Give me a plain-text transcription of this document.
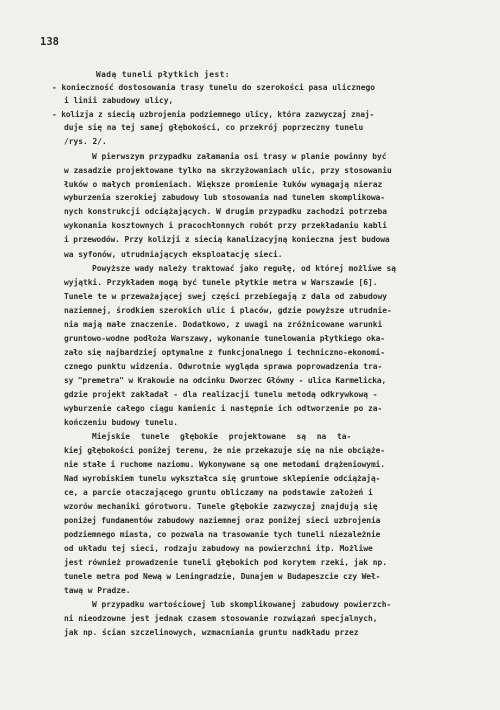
138
Wadą tuneli płytkich jest:
- konieczność dostosowania trasy tunelu do szerokości pasa ulicznego
i linii zabudowy ulicy,
- kolizja z siecią uzbrojenia podziemnego ulicy, która zazwyczaj znaj-
duje się na tej samej głębokości, co przekrój poprzeczny tunelu
/rys. 2/.
W pierwszym przypadku załamania osi trasy w planie powinny być
w zasadzie projektowane tylko na skrzyżowaniach ulic, przy stosowaniu
łuków o małych promieniach. Większe promienie łuków wymagają nieraz
wyburzenia szerokiej zabudowy lub stosowania nad tunelem skomplikowa-
nych konstrukcji odciążających. W drugim przypadku zachodzi potrzeba
wykonania kosztownych i pracochłonnych robót przy przekładaniu kabli
i przewodów. Przy kolizji z siecią kanalizacyjną konieczna jest budowa
wa syfonów, utrudniających eksploatację sieci.
Powyższe wady należy traktować jako regułę, od której możliwe są
wyjątki. Przykładem mogą być tunele płytkie metra w Warszawie [6].
Tunele te w przeważającej swej części przebiegają z dala od zabudowy
naziemnej, środkiem szerokich ulic i placów, gdzie powyższe utrudnie-
nia mają małe znaczenie. Dodatkowo, z uwagi na zróżnicowane warunki
gruntowo-wodne podłoża Warszawy, wykonanie tunelowania płytkiego oka-
zało się najbardziej optymalne z funkcjonalnego i techniczno-ekonomi-
cznego punktu widzenia. Odwrotnie wygląda sprawa poprowadzenia tra-
sy "premetra" w Krakowie na odcinku Dworzec Główny - ulica Karmelicka,
gdzie projekt zakładał - dla realizacji tunelu metodą odkrywkową -
wyburzenie całego ciągu kamienic i następnie ich odtworzenie po za-
kończeniu budowy tunelu.
Miejskie tunele głębokie projektowane są na ta-
kiej głębokości poniżej terenu, że nie przekazuje się na nie obciąże-
nie stałe i ruchome naziomu. Wykonywane są one metodami drążeniowymi.
Nad wyrobiskiem tunelu wykształca się gruntowe sklepienie odciążają-
ce, a parcie otaczającego gruntu obliczamy na podstawie założeń i
wzorów mechaniki górotworu. Tunele głębokie zazwyczaj znajdują się
poniżej fundamentów zabudowy naziemnej oraz poniżej sieci uzbrojenia
podziemnego miasta, co pozwala na trasowanie tych tuneli niezależnie
od układu tej sieci, rodzaju zabudowy na powierzchni itp. Możliwe
jest również prowadzenie tuneli głębokich pod korytem rzeki, jak np.
tunele metra pod Newą w Leningradzie, Dunajem w Budapeszcie czy Weł-
tawą w Pradze.
W przypadku wartościowej lub skomplikowanej zabudowy powierzch-
ni nieodzowne jest jednak czasem stosowanie rozwiązań specjalnych,
jak np. ścian szczelinowych, wzmacniania gruntu nadkładu przez
